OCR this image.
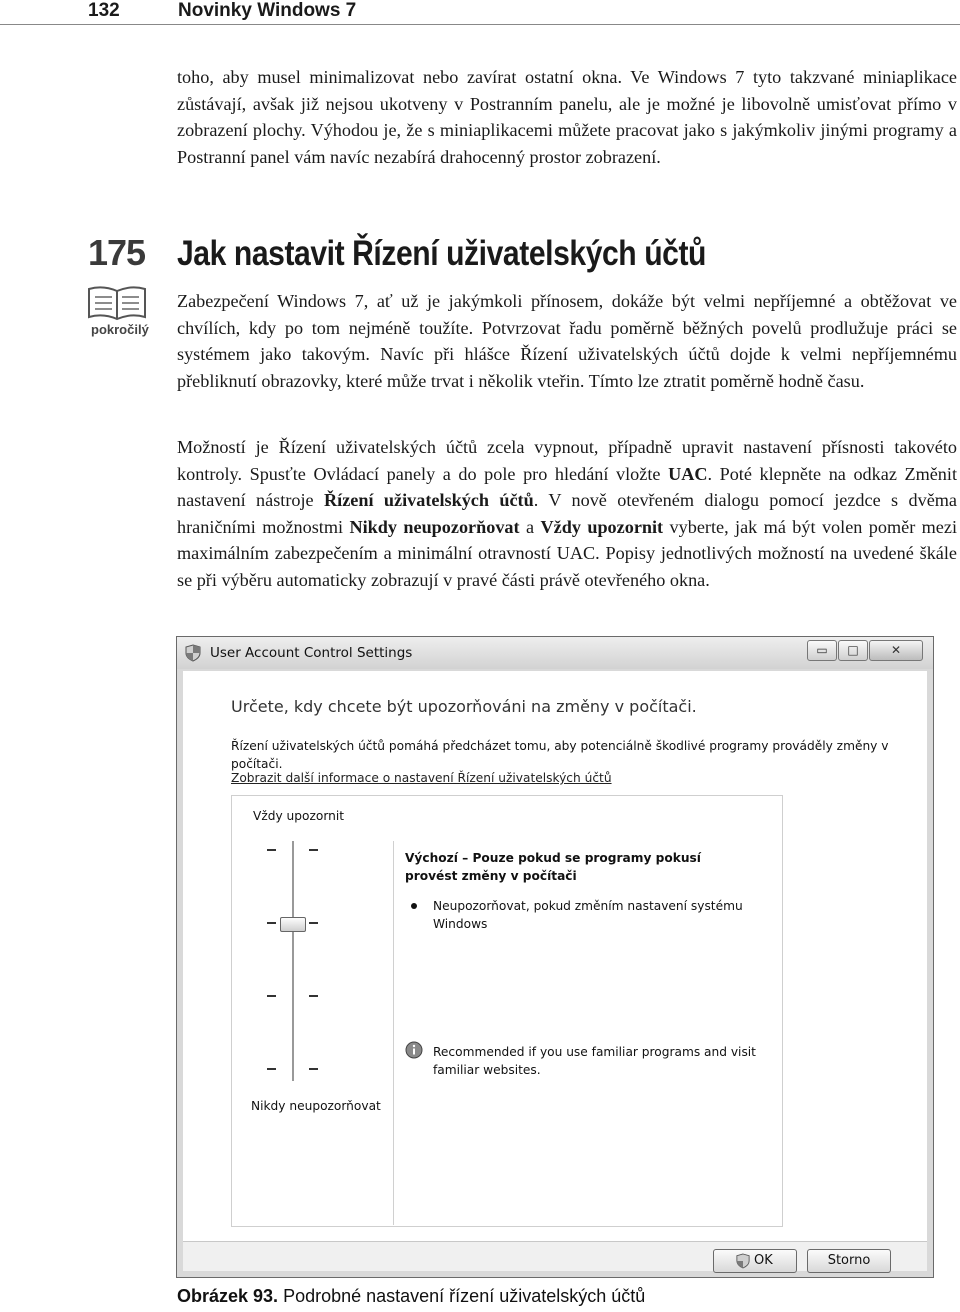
132	Novinky Windows 7

toho, aby musel minimalizovat nebo zavírat ostatní okna. Ve Windows 7 tyto takzvané miniaplikace zůstávají, avšak již nejsou ukotveny v Postranním panelu, ale je možné je libovolně umisťovat přímo v zobrazení plochy. Výhodou je, že s miniaplikacemi můžete pracovat jako s jakýmkoliv jinými programy a Postranní panel vám navíc nezabírá drahocenný prostor zobrazení.

175
pokročilý
Jak nastavit Řízení uživatelských účtů

Zabezpečení Windows 7, ať už je jakýmkoli přínosem, dokáže být velmi nepříjemné a obtěžovat ve chvílích, kdy po tom nejméně toužíte. Potvrzovat řadu poměrně běžných povelů prodlužuje práci se systémem jako takovým. Navíc při hlášce Řízení uživatelských účtů dojde k velmi nepříjemnému přebliknutí obrazovky, které může trvat i několik vteřin. Tímto lze ztratit poměrně hodně času.

Možností je Řízení uživatelských účtů zcela vypnout, případně upravit nastavení přísnosti takovéto kontroly. Spusťte Ovládací panely a do pole pro hledání vložte UAC. Poté klepněte na odkaz Změnit nastavení nástroje Řízení uživatelských účtů. V nově otevřeném dialogu pomocí jezdce s dvěma hraničními možnostmi Nikdy neupozorňovat a Vždy upozornit vyberte, jak má být volen poměr mezi maximálním zabezpečením a minimální otravností UAC. Popisy jednotlivých možností na uvedené škále se při výběru automaticky zobrazují v pravé části právě otevřeného okna.

User Account Control Settings	▭	□	✕
Určete, kdy chcete být upozorňováni na změny v počítači.

Řízení uživatelských účtů pomáhá předcházet tomu, aby potenciálně škodlivé programy prováděly změny v počítači.

Zobrazit další informace o nastavení Řízení uživatelských účtů
Vždy upozornit
Nikdy neupozorňovat

Výchozí – Pouze pokud se programy pokusí provést změny v počítači

Neupozorňovat, pokud změním nastavení systému Windows

Recommended if you use familiar programs and visit familiar websites.

OK	Storno
Obrázek 93. Podrobné nastavení řízení uživatelských účtů
